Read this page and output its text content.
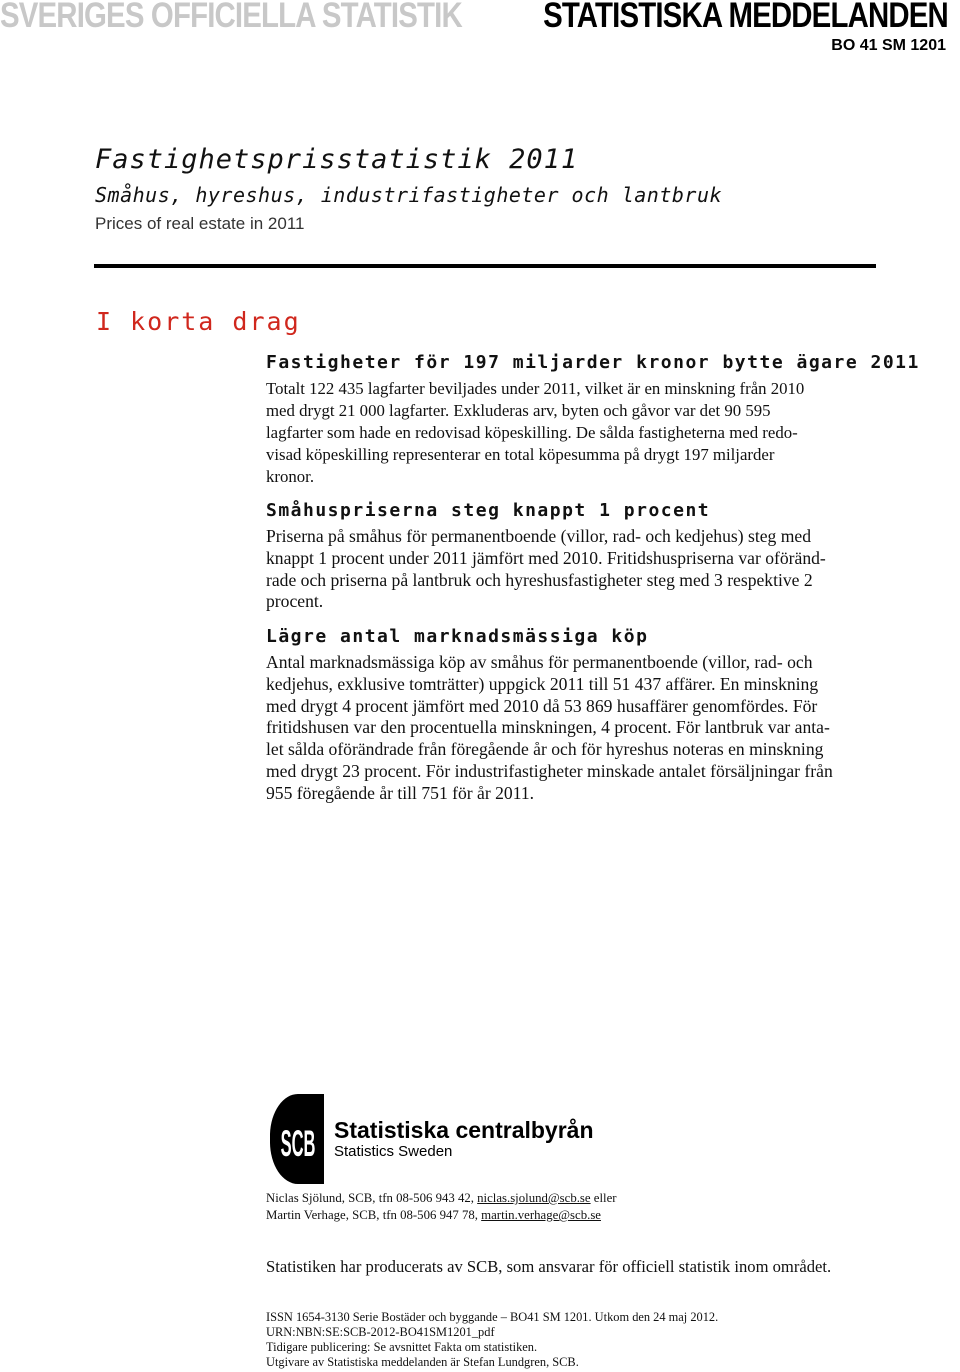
SVERIGES OFFICIELLA STATISTIK STATISTISKA MEDDELANDEN
BO 41 SM 1201
Fastighetsprisstatistik 2011
Småhus, hyreshus, industrifastigheter och lantbruk
Prices of real estate in 2011
I korta drag
Fastigheter för 197 miljarder kronor bytte ägare 2011
Totalt 122 435 lagfarter beviljades under 2011, vilket är en minskning från 2010
med drygt 21 000 lagfarter. Exkluderas arv, byten och gåvor var det 90 595
lagfarter som hade en redovisad köpeskilling. De sålda fastigheterna med redo-
visad köpeskilling representerar en total köpesumma på drygt 197 miljarder
kronor.
Småhuspriserna steg knappt 1 procent
Priserna på småhus för permanentboende (villor, rad- och kedjehus) steg med
knappt 1 procent under 2011 jämfört med 2010. Fritidshuspriserna var oföränd-
rade och priserna på lantbruk och hyreshusfastigheter steg med 3 respektive 2
procent.
Lägre antal marknadsmässiga köp
Antal marknadsmässiga köp av småhus för permanentboende (villor, rad- och
kedjehus, exklusive tomträtter) uppgick 2011 till 51 437 affärer. En minskning
med drygt 4 procent jämfört med 2010 då 53 869 husaffärer genomfördes. För
fritidshusen var den procentuella minskningen, 4 procent. För lantbruk var anta-
let sålda oförändrade från föregående år och för hyreshus noteras en minskning
med drygt 23 procent. För industrifastigheter minskade antalet försäljningar från
955 föregående år till 751 för år 2011.
SCB Statistiska centralbyrån
Statistics Sweden
Niclas Sjölund, SCB, tfn 08-506 943 42, niclas.sjolund@scb.se eller
Martin Verhage, SCB, tfn 08-506 947 78, martin.verhage@scb.se
Statistiken har producerats av SCB, som ansvarar för officiell statistik inom området.
ISSN 1654-3130 Serie Bostäder och byggande – BO41 SM 1201. Utkom den 24 maj 2012.
URN:NBN:SE:SCB-2012-BO41SM1201_pdf
Tidigare publicering: Se avsnittet Fakta om statistiken.
Utgivare av Statistiska meddelanden är Stefan Lundgren, SCB.
